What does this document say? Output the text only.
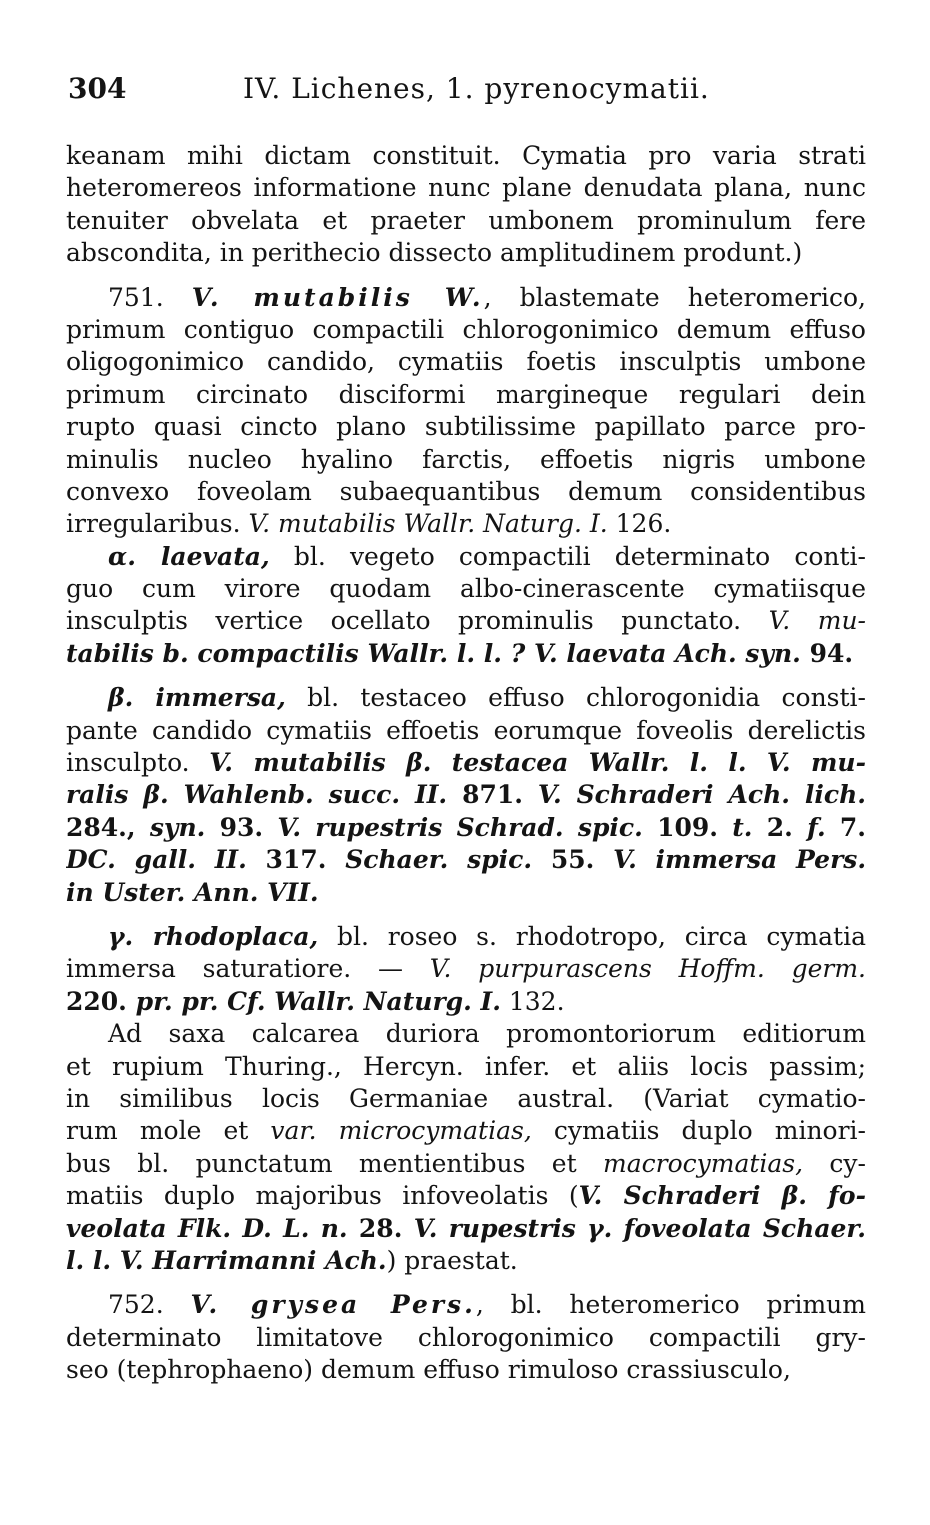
304	IV. Lichenes, 1. pyrenocymatii.
keanam mihi dictam constituit. Cymatia pro varia strati
heteromereos informatione nunc plane denudata plana, nunc
tenuiter obvelata et praeter umbonem prominulum fere
abscondita, in perithecio dissecto amplitudinem produnt.)
751. V. mutabilis W., blastemate heteromerico,
primum contiguo compactili chlorogonimico demum effuso
oligogonimico candido, cymatiis foetis insculptis umbone
primum circinato disciformi margineque regulari dein
rupto quasi cincto plano subtilissime papillato parce pro-
minulis nucleo hyalino farctis, effoetis nigris umbone
convexo foveolam subaequantibus demum considentibus
irregularibus. V. mutabilis Wallr. Naturg. I. 126.
α. laevata, bl. vegeto compactili determinato conti-
guo cum virore quodam albo-cinerascente cymatiisque
insculptis vertice ocellato prominulis punctato. V. mu-
tabilis b. compactilis Wallr. l. l. ? V. laevata Ach. syn. 94.
β. immersa, bl. testaceo effuso chlorogonidia consti-
pante candido cymatiis effoetis eorumque foveolis derelictis
insculpto. V. mutabilis β. testacea Wallr. l. l. V. mu-
ralis β. Wahlenb. succ. II. 871. V. Schraderi Ach. lich.
284., syn. 93. V. rupestris Schrad. spic. 109. t. 2. f. 7.
DC. gall. II. 317. Schaer. spic. 55. V. immersa Pers.
in Uster. Ann. VII.
γ. rhodoplaca, bl. roseo s. rhodotropo, circa cymatia
immersa saturatiore. — V. purpurascens Hoffm. germ.
220. pr. pr. Cf. Wallr. Naturg. I. 132.
Ad saxa calcarea duriora promontoriorum editiorum
et rupium Thuring., Hercyn. infer. et aliis locis passim;
in similibus locis Germaniae austral. (Variat cymatio-
rum mole et var. microcymatias, cymatiis duplo minori-
bus bl. punctatum mentientibus et macrocymatias, cy-
matiis duplo majoribus infoveolatis (V. Schraderi β. fo-
veolata Flk. D. L. n. 28. V. rupestris γ. foveolata Schaer.
l. l. V. Harrimanni Ach.) praestat.
752. V. grysea Pers., bl. heteromerico primum
determinato limitatove chlorogonimico compactili gry-
seo (tephrophaeno) demum effuso rimuloso crassiusculo,
